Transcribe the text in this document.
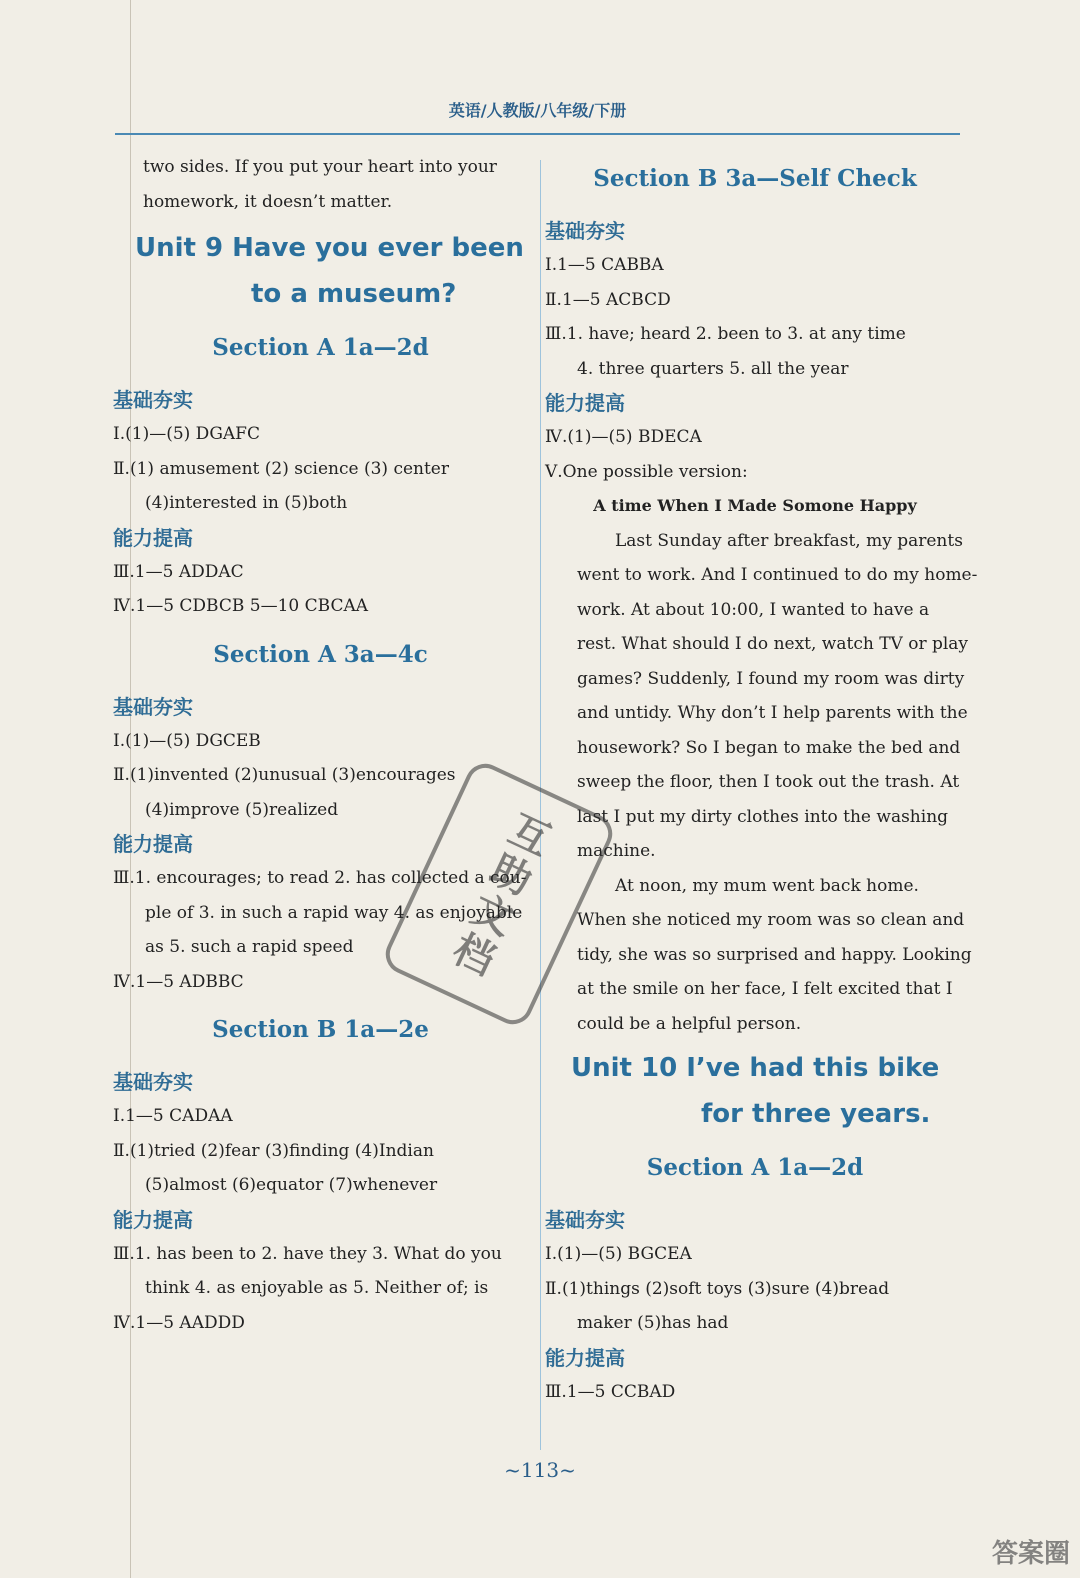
英语/人教版/八年级/下册
two sides. If you put your heart into your
homework, it doesn’t matter.
Unit 9 Have you ever been
to a museum?
Section A 1a—2d
基础夯实
Ⅰ.(1)—(5) DGAFC
Ⅱ.(1) amusement (2) science (3) center
(4)interested in (5)both
能力提高
Ⅲ.1—5 ADDAC
Ⅳ.1—5 CDBCB 5—10 CBCAA
Section A 3a—4c
基础夯实
Ⅰ.(1)—(5) DGCEB
Ⅱ.(1)invented (2)unusual (3)encourages
(4)improve (5)realized
能力提高
Ⅲ.1. encourages; to read 2. has collected a cou-
ple of 3. in such a rapid way 4. as enjoyable
as 5. such a rapid speed
Ⅳ.1—5 ADBBC
Section B 1a—2e
基础夯实
Ⅰ.1—5 CADAA
Ⅱ.(1)tried (2)fear (3)finding (4)Indian
(5)almost (6)equator (7)whenever
能力提高
Ⅲ.1. has been to 2. have they 3. What do you
think 4. as enjoyable as 5. Neither of; is
Ⅳ.1—5 AADDD
Section B 3a—Self Check
基础夯实
Ⅰ.1—5 CABBA
Ⅱ.1—5 ACBCD
Ⅲ.1. have; heard 2. been to 3. at any time
4. three quarters 5. all the year
能力提高
Ⅳ.(1)—(5) BDECA
Ⅴ.One possible version:
A time When I Made Somone Happy
Last Sunday after breakfast, my parents
went to work. And I continued to do my home-
work. At about 10:00, I wanted to have a
rest. What should I do next, watch TV or play
games? Suddenly, I found my room was dirty
and untidy. Why don’t I help parents with the
housework? So I began to make the bed and
sweep the floor, then I took out the trash. At
last I put my dirty clothes into the washing
machine.
At noon, my mum went back home.
When she noticed my room was so clean and
tidy, she was so surprised and happy. Looking
at the smile on her face, I felt excited that I
could be a helpful person.
Unit 10 I’ve had this bike
for three years.
Section A 1a—2d
基础夯实
Ⅰ.(1)—(5) BGCEA
Ⅱ.(1)things (2)soft toys (3)sure (4)bread
maker (5)has had
能力提高
Ⅲ.1—5 CCBAD
~113~
互助文档
答案圈
